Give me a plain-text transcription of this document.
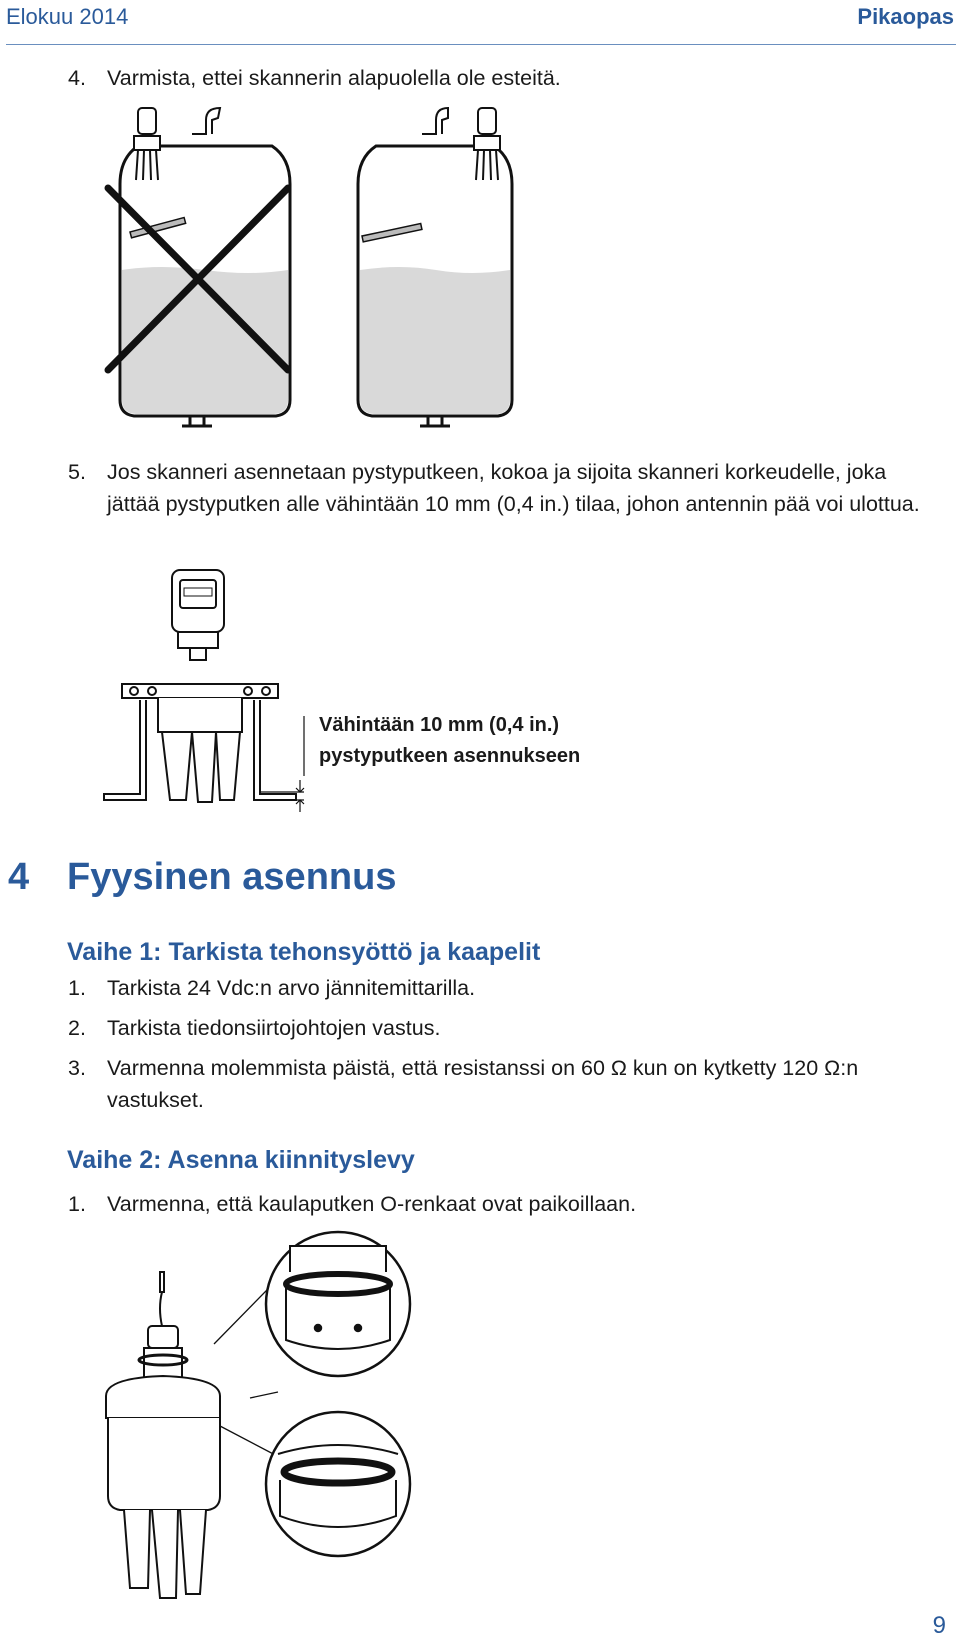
Elokuu 2014	Pikaopas
4. Varmista, ettei skannerin alapuolella ole esteitä.
5. Jos skanneri asennetaan pystyputkeen, kokoa ja sijoita skanneri korkeudelle, joka jättää pystyputken alle vähintään 10 mm (0,4 in.) tilaa, johon antennin pää voi ulottua.
Vähintään 10 mm (0,4 in.)
pystyputkeen asennukseen
4 Fyysinen asennus
Vaihe 1: Tarkista tehonsyöttö ja kaapelit
1. Tarkista 24 Vdc:n arvo jännitemittarilla.
2. Tarkista tiedonsiirtojohtojen vastus.
3. Varmenna molemmista päistä, että resistanssi on 60 Ω kun on kytketty 120 Ω:n vastukset.
Vaihe 2: Asenna kiinnityslevy
1. Varmenna, että kaulaputken O-renkaat ovat paikoillaan.
9
